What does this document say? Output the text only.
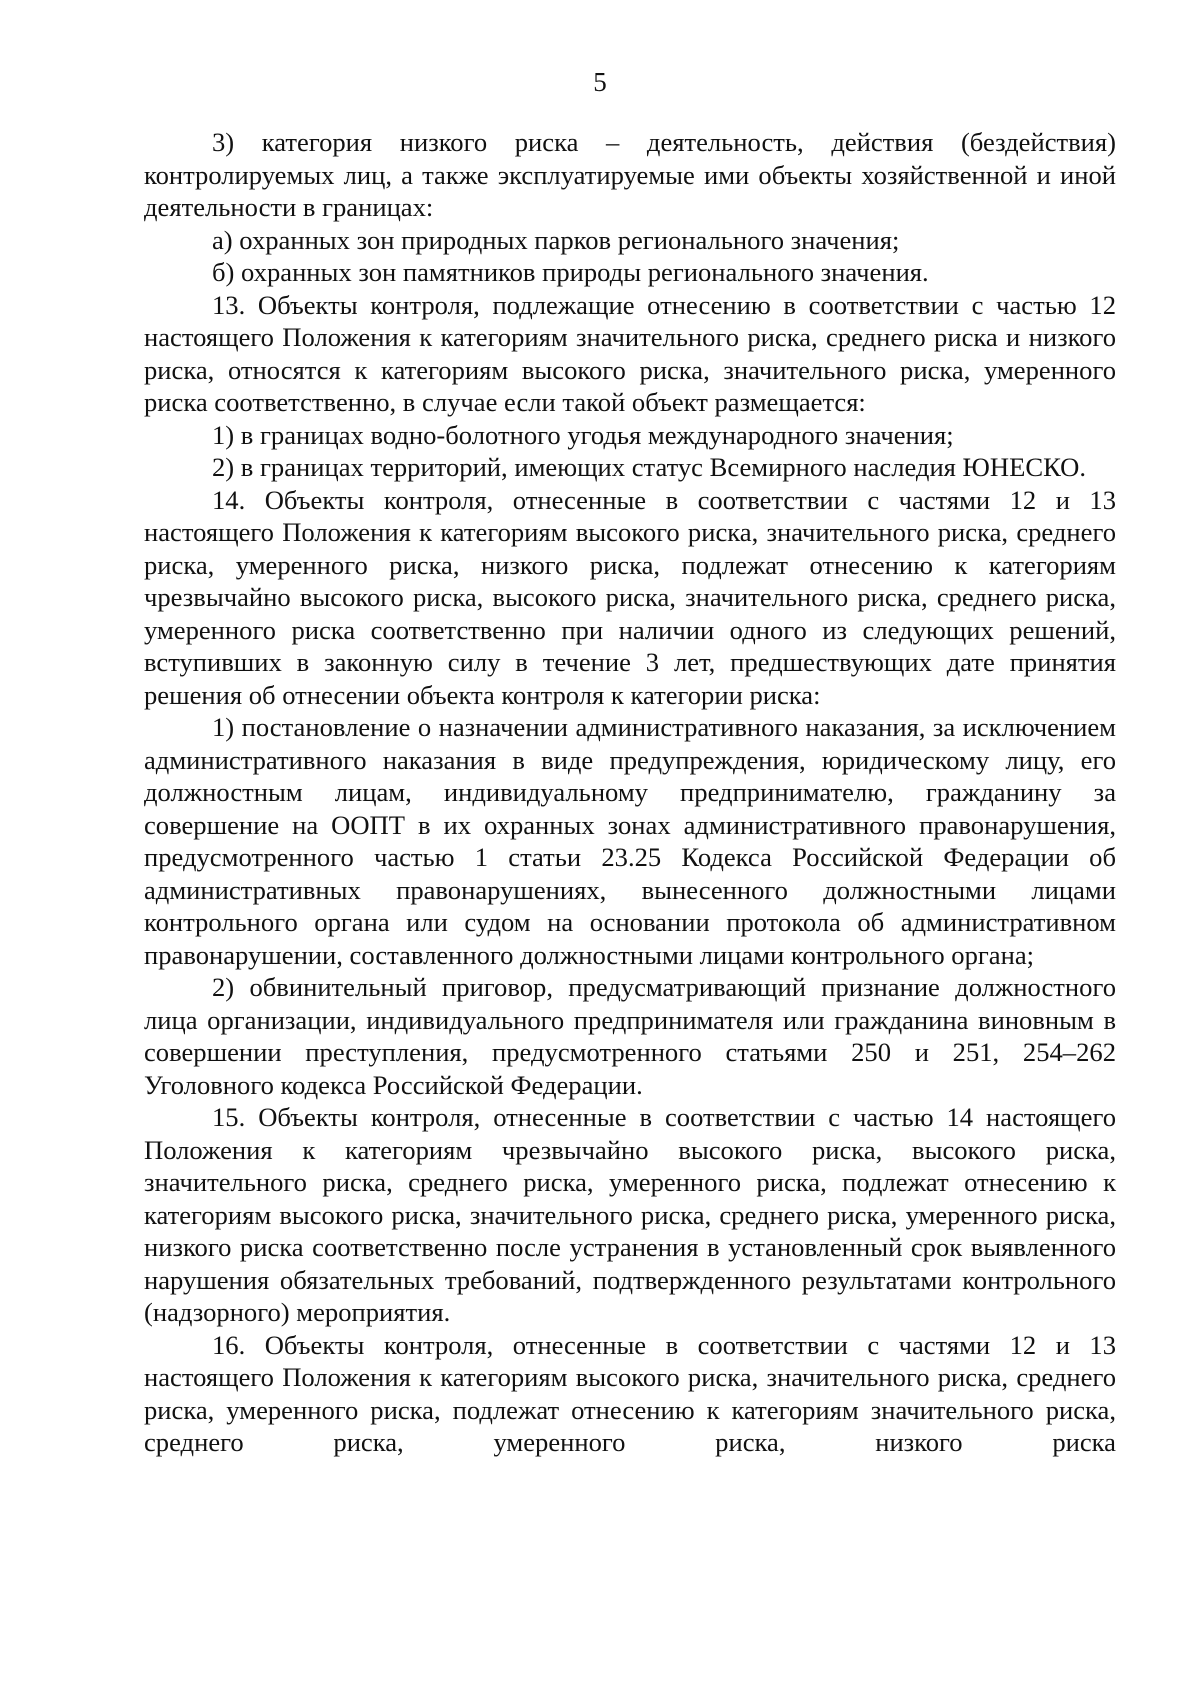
5

3) категория низкого риска – деятельность, действия (бездействия) контролируемых лиц, а также эксплуатируемые ими объекты хозяйственной и иной деятельности в границах:

а) охранных зон природных парков регионального значения;

б) охранных зон памятников природы регионального значения.

13. Объекты контроля, подлежащие отнесению в соответствии с частью 12 настоящего Положения к категориям значительного риска, среднего риска и низкого риска, относятся к категориям высокого риска, значительного риска, умеренного риска соответственно, в случае если такой объект размещается:

1) в границах водно-болотного угодья международного значения;

2) в границах территорий, имеющих статус Всемирного наследия ЮНЕСКО.

14. Объекты контроля, отнесенные в соответствии с частями 12 и 13 настоящего Положения к категориям высокого риска, значительного риска, среднего риска, умеренного риска, низкого риска, подлежат отнесению к категориям чрезвычайно высокого риска, высокого риска, значительного риска, среднего риска, умеренного риска соответственно при наличии одного из следующих решений, вступивших в законную силу в течение 3 лет, предшествующих дате принятия решения об отнесении объекта контроля к категории риска:

1) постановление о назначении административного наказания, за исключением административного наказания в виде предупреждения, юридическому лицу, его должностным лицам, индивидуальному предпринимателю, гражданину за совершение на ООПТ в их охранных зонах административного правонарушения, предусмотренного частью 1 статьи 23.25 Кодекса Российской Федерации об административных правонарушениях, вынесенного должностными лицами контрольного органа или судом на основании протокола об административном правонарушении, составленного должностными лицами контрольного органа;

2) обвинительный приговор, предусматривающий признание должностного лица организации, индивидуального предпринимателя или гражданина виновным в совершении преступления, предусмотренного статьями 250 и 251, 254–262 Уголовного кодекса Российской Федерации.

15. Объекты контроля, отнесенные в соответствии с частью 14 настоящего Положения к категориям чрезвычайно высокого риска, высокого риска, значительного риска, среднего риска, умеренного риска, подлежат отнесению к категориям высокого риска, значительного риска, среднего риска, умеренного риска, низкого риска соответственно после устранения в установленный срок выявленного нарушения обязательных требований, подтвержденного результатами контрольного (надзорного) мероприятия.

16. Объекты контроля, отнесенные в соответствии с частями 12 и 13 настоящего Положения к категориям высокого риска, значительного риска, среднего риска, умеренного риска, подлежат отнесению к категориям значительного риска, среднего риска, умеренного риска, низкого риска
